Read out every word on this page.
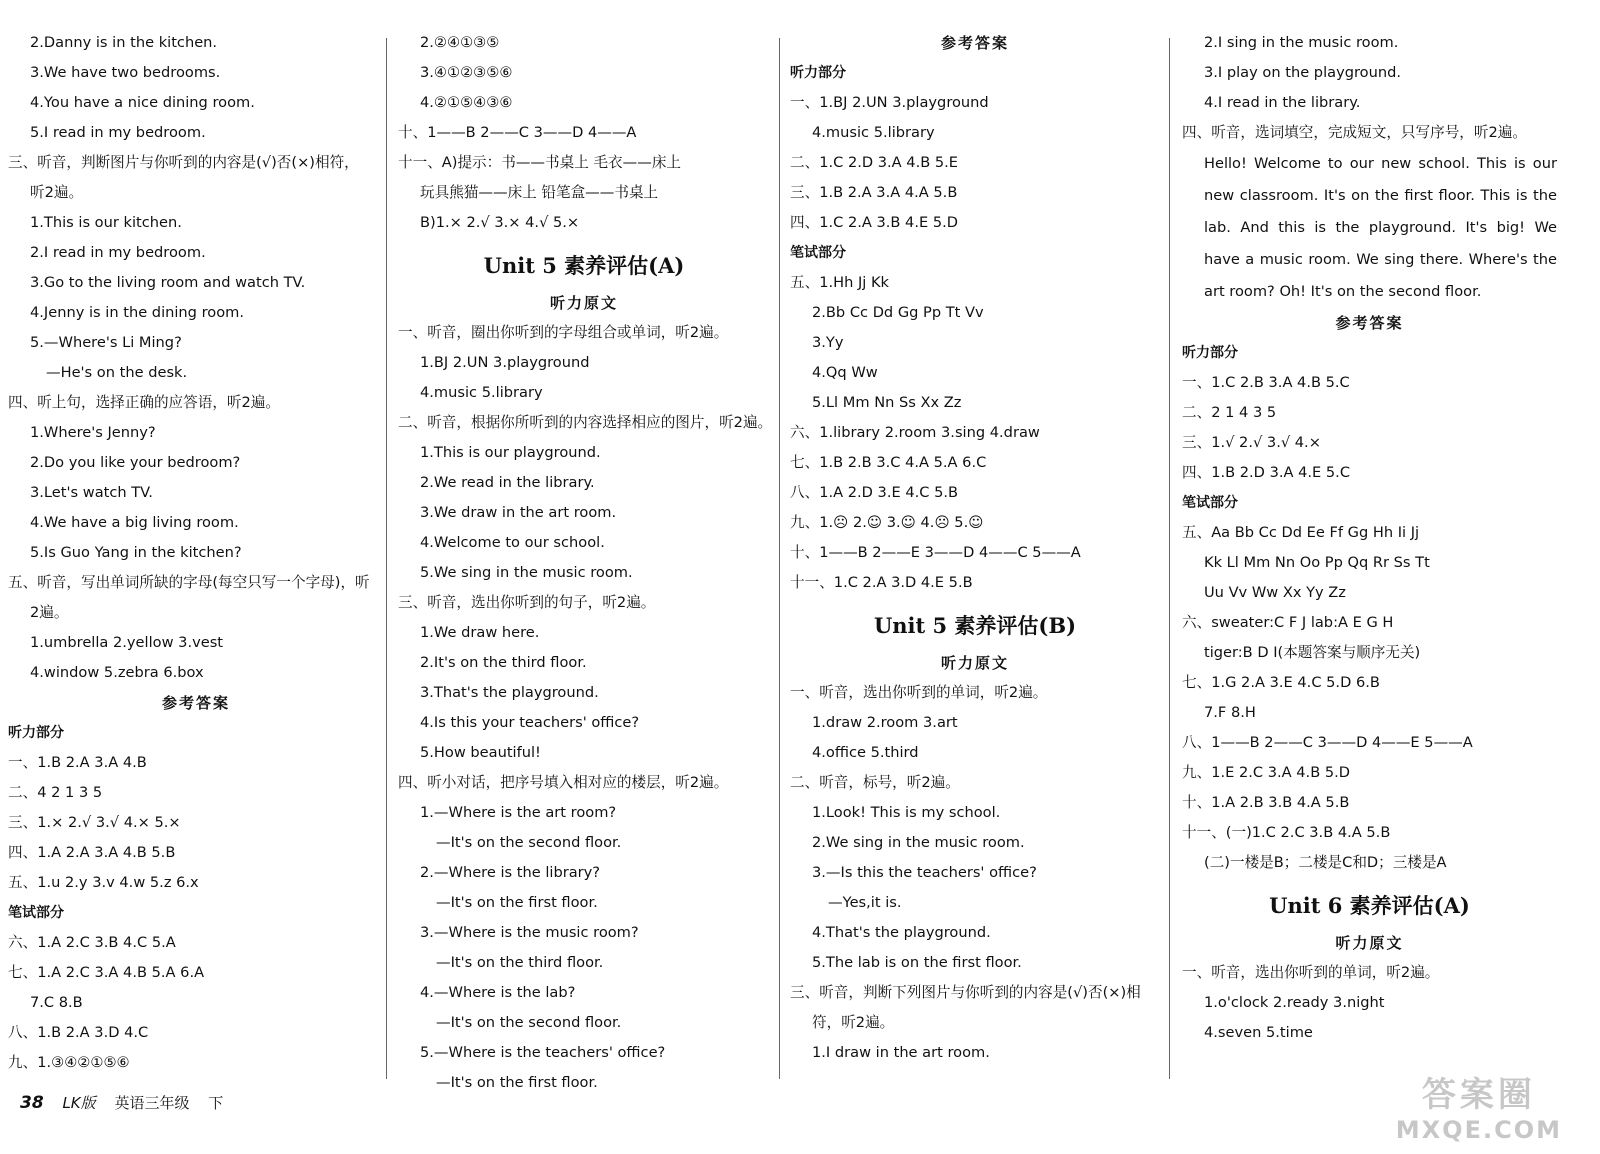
2.Danny is in the kitchen.
3.We have two bedrooms.
4.You have a nice dining room.
5.I read in my bedroom.
三、听音，判断图片与你听到的内容是(√)否(×)相符，
听2遍。
1.This is our kitchen.
2.I read in my bedroom.
3.Go to the living room and watch TV.
4.Jenny is in the dining room.
5.—Where's Li Ming?
—He's on the desk.
四、听上句，选择正确的应答语，听2遍。
1.Where's Jenny?
2.Do you like your bedroom?
3.Let's watch TV.
4.We have a big living room.
5.Is Guo Yang in the kitchen?
五、听音，写出单词所缺的字母(每空只写一个字母)，听
2遍。
1.umbrella 2.yellow 3.vest
4.window 5.zebra 6.box
参考答案
听力部分
一、1.B 2.A 3.A 4.B
二、4 2 1 3 5
三、1.× 2.√ 3.√ 4.× 5.×
四、1.A 2.A 3.A 4.B 5.B
五、1.u 2.y 3.v 4.w 5.z 6.x
笔试部分
六、1.A 2.C 3.B 4.C 5.A
七、1.A 2.C 3.A 4.B 5.A 6.A
7.C 8.B
八、1.B 2.A 3.D 4.C
九、1.③④②①⑤⑥
2.②④①③⑤
3.④①②③⑤⑥
4.②①⑤④③⑥
十、1——B 2——C 3——D 4——A
十一、A)提示：书——书桌上 毛衣——床上
玩具熊猫——床上 铅笔盒——书桌上
B)1.× 2.√ 3.× 4.√ 5.×
Unit 5 素养评估(A)
听力原文
一、听音，圈出你听到的字母组合或单词，听2遍。
1.BJ 2.UN 3.playground
4.music 5.library
二、听音，根据你所听到的内容选择相应的图片，听2遍。
1.This is our playground.
2.We read in the library.
3.We draw in the art room.
4.Welcome to our school.
5.We sing in the music room.
三、听音，选出你听到的句子，听2遍。
1.We draw here.
2.It's on the third floor.
3.That's the playground.
4.Is this your teachers' office?
5.How beautiful!
四、听小对话，把序号填入相对应的楼层，听2遍。
1.—Where is the art room?
—It's on the second floor.
2.—Where is the library?
—It's on the first floor.
3.—Where is the music room?
—It's on the third floor.
4.—Where is the lab?
—It's on the second floor.
5.—Where is the teachers' office?
—It's on the first floor.
参考答案
听力部分
一、1.BJ 2.UN 3.playground
4.music 5.library
二、1.C 2.D 3.A 4.B 5.E
三、1.B 2.A 3.A 4.A 5.B
四、1.C 2.A 3.B 4.E 5.D
笔试部分
五、1.Hh Jj Kk
2.Bb Cc Dd Gg Pp Tt Vv
3.Yy
4.Qq Ww
5.Ll Mm Nn Ss Xx Zz
六、1.library 2.room 3.sing 4.draw
七、1.B 2.B 3.C 4.A 5.A 6.C
八、1.A 2.D 3.E 4.C 5.B
九、1.☹ 2.☺ 3.☺ 4.☹ 5.☺
十、1——B 2——E 3——D 4——C 5——A
十一、1.C 2.A 3.D 4.E 5.B
Unit 5 素养评估(B)
听力原文
一、听音，选出你听到的单词，听2遍。
1.draw 2.room 3.art
4.office 5.third
二、听音，标号，听2遍。
1.Look! This is my school.
2.We sing in the music room.
3.—Is this the teachers' office?
—Yes,it is.
4.That's the playground.
5.The lab is on the first floor.
三、听音，判断下列图片与你听到的内容是(√)否(×)相
符，听2遍。
1.I draw in the art room.
2.I sing in the music room.
3.I play on the playground.
4.I read in the library.
四、听音，选词填空，完成短文，只写序号，听2遍。
Hello! Welcome to our new school. This is our new classroom. It's on the first floor. This is the lab. And this is the playground. It's big! We have a music room. We sing there. Where's the art room? Oh! It's on the second floor.
参考答案
听力部分
一、1.C 2.B 3.A 4.B 5.C
二、2 1 4 3 5
三、1.√ 2.√ 3.√ 4.×
四、1.B 2.D 3.A 4.E 5.C
笔试部分
五、Aa Bb Cc Dd Ee Ff Gg Hh Ii Jj
Kk Ll Mm Nn Oo Pp Qq Rr Ss Tt
Uu Vv Ww Xx Yy Zz
六、sweater:C F J lab:A E G H
tiger:B D I(本题答案与顺序无关)
七、1.G 2.A 3.E 4.C 5.D 6.B
7.F 8.H
八、1——B 2——C 3——D 4——E 5——A
九、1.E 2.C 3.A 4.B 5.D
十、1.A 2.B 3.B 4.A 5.B
十一、(一)1.C 2.C 3.B 4.A 5.B
(二)一楼是B；二楼是C和D；三楼是A
Unit 6 素养评估(A)
听力原文
一、听音，选出你听到的单词，听2遍。
1.o'clock 2.ready 3.night
4.seven 5.time
38 LK版 英语三年级 下	答案圈
MXQE.COM
